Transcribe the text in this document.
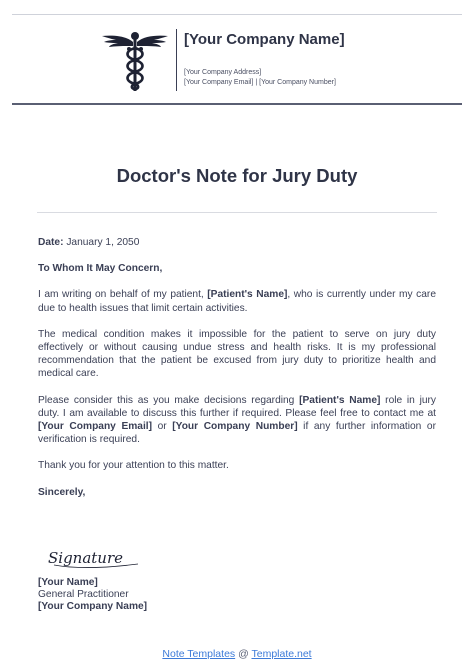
[Your Company Name]
[Your Company Address]
[Your Company Email] | [Your Company Number]
Doctor's Note for Jury Duty

Date: January 1, 2050

To Whom It May Concern,

I am writing on behalf of my patient, [Patient's Name], who is currently under my care due to health issues that limit certain activities.

The medical condition makes it impossible for the patient to serve on jury duty effectively or without causing undue stress and health risks. It is my professional recommendation that the patient be excused from jury duty to prioritize health and medical care.

Please consider this as you make decisions regarding [Patient's Name] role in jury duty. I am available to discuss this further if required. Please feel free to contact me at [Your Company Email] or [Your Company Number] if any further information or verification is required.

Thank you for your attention to this matter.

Sincerely,

Signature
[Your Name]
General Practitioner
[Your Company Name]
Note Templates @ Template.net
